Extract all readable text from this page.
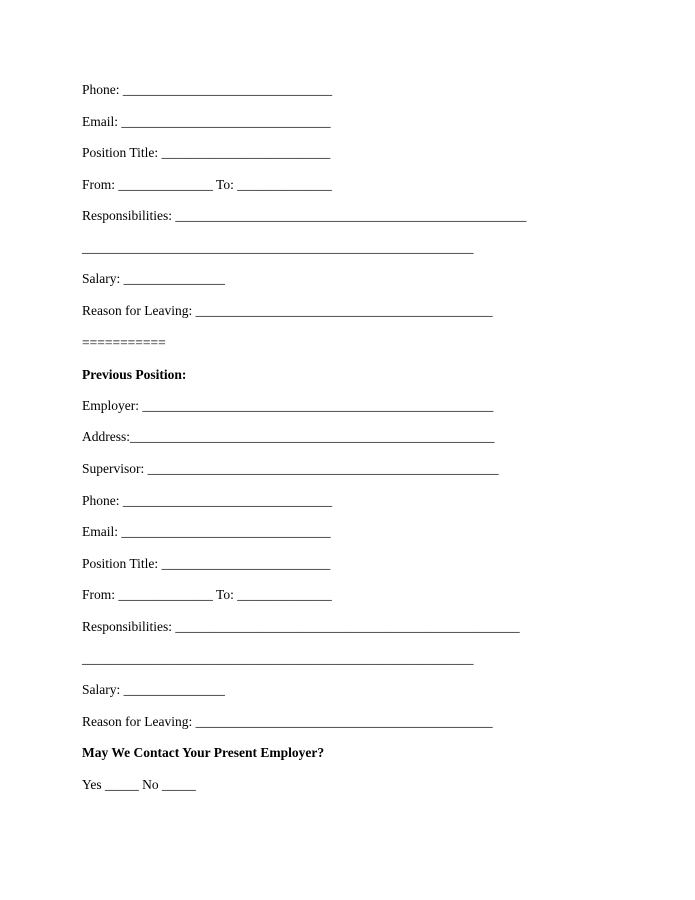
Phone: _______________________________
Email: _______________________________
Position Title: _________________________
From: ______________ To: ______________
Responsibilities: ____________________________________________________
__________________________________________________________
Salary: _______________
Reason for Leaving: ____________________________________________
===========
Previous Position:
Employer: ____________________________________________________
Address:______________________________________________________
Supervisor: ____________________________________________________
Phone: _______________________________
Email: _______________________________
Position Title: _________________________
From: ______________ To: ______________
Responsibilities: ___________________________________________________
__________________________________________________________
Salary: _______________
Reason for Leaving: ____________________________________________
May We Contact Your Present Employer?
Yes _____ No _____
